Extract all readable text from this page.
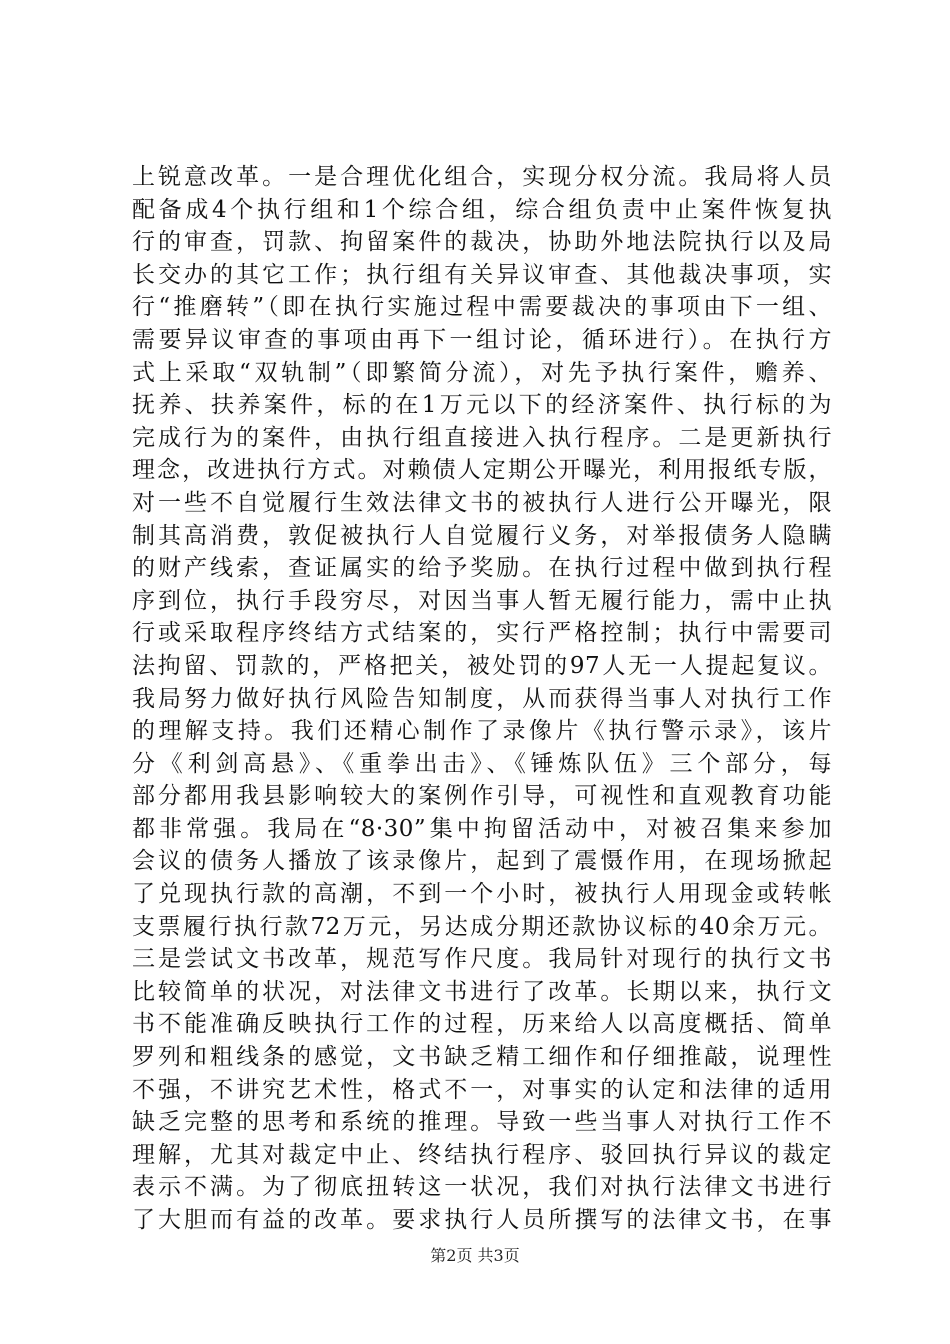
上锐意改革。一是合理优化组合，实现分权分流。我局将人员
配备成4个执行组和1个综合组，综合组负责中止案件恢复执
行的审查，罚款、拘留案件的裁决，协助外地法院执行以及局
长交办的其它工作；执行组有关异议审查、其他裁决事项，实
行“推磨转”（即在执行实施过程中需要裁决的事项由下一组、
需要异议审查的事项由再下一组讨论，循环进行）。在执行方
式上采取“双轨制”（即繁简分流），对先予执行案件，赡养、
抚养、扶养案件，标的在1万元以下的经济案件、执行标的为
完成行为的案件，由执行组直接进入执行程序。二是更新执行
理念，改进执行方式。对赖债人定期公开曝光，利用报纸专版，
对一些不自觉履行生效法律文书的被执行人进行公开曝光，限
制其高消费，敦促被执行人自觉履行义务，对举报债务人隐瞒
的财产线索，查证属实的给予奖励。在执行过程中做到执行程
序到位，执行手段穷尽，对因当事人暂无履行能力，需中止执
行或采取程序终结方式结案的，实行严格控制；执行中需要司
法拘留、罚款的，严格把关，被处罚的97人无一人提起复议。
我局努力做好执行风险告知制度，从而获得当事人对执行工作
的理解支持。我们还精心制作了录像片《执行警示录》，该片
分《利剑高悬》、《重拳出击》、《锤炼队伍》三个部分，每
部分都用我县影响较大的案例作引导，可视性和直观教育功能
都非常强。我局在“8·30”集中拘留活动中，对被召集来参加
会议的债务人播放了该录像片，起到了震慑作用，在现场掀起
了兑现执行款的高潮，不到一个小时，被执行人用现金或转帐
支票履行执行款72万元，另达成分期还款协议标的40余万元。
三是尝试文书改革，规范写作尺度。我局针对现行的执行文书
比较简单的状况，对法律文书进行了改革。长期以来，执行文
书不能准确反映执行工作的过程，历来给人以高度概括、简单
罗列和粗线条的感觉，文书缺乏精工细作和仔细推敲，说理性
不强，不讲究艺术性，格式不一，对事实的认定和法律的适用
缺乏完整的思考和系统的推理。导致一些当事人对执行工作不
理解，尤其对裁定中止、终结执行程序、驳回执行异议的裁定
表示不满。为了彻底扭转这一状况，我们对执行法律文书进行
了大胆而有益的改革。要求执行人员所撰写的法律文书，在事
第2页 共3页
